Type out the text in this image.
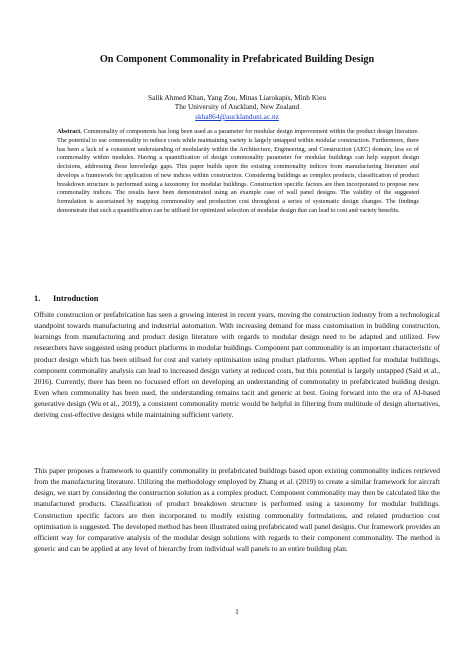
On Component Commonality in Prefabricated Building Design
Salik Ahmed Khan, Yang Zou, Minas Liarokapis, Minh Kieu
The University of Auckland, New Zealand
skha864@aucklanduni.ac.nz
Abstract. Commonality of components has long been used as a parameter for modular design improvement within the product design literature. The potential to use commonality to reduce costs while maintaining variety is largely untapped within modular construction. Furthermore, there has been a lack of a consistent understanding of modularity within the Architecture, Engineering, and Construction (AEC) domain, less so of commonality within modules. Having a quantification of design commonality parameter for modular buildings can help support design decisions, addressing these knowledge gaps. This paper builds upon the existing commonality indices from manufacturing literature and develops a framework for application of new indices within construction. Considering buildings as complex products, classification of product breakdown structure is performed using a taxonomy for modular buildings. Construction specific factors are then incorporated to propose new commonality indices. The results have been demonstrated using an example case of wall panel designs. The validity of the suggested formulation is ascertained by mapping commonality and production cost throughout a series of systematic design changes. The findings demonstrate that such a quantification can be utilised for optimized selection of modular design that can lead to cost and variety benefits.
1. Introduction

Offsite construction or prefabrication has seen a growing interest in recent years, moving the construction industry from a technological standpoint towards manufacturing and industrial automation. With increasing demand for mass customisation in building construction, learnings from manufacturing and product design literature with regards to modular design need to be adapted and utilized. Few researchers have suggested using product platforms in modular buildings. Component part commonality is an important characteristic of product design which has been utilised for cost and variety optimisation using product platforms. When applied for modular buildings, component commonality analysis can lead to increased design variety at reduced costs, but this potential is largely untapped (Said et al., 2016). Currently, there has been no focussed effort on developing an understanding of commonality in prefabricated building design. Even when commonality has been used, the understanding remains tacit and generic at best. Going forward into the era of AI-based generative design (Wu et al., 2019), a consistent commonality metric would be helpful in filtering from multitude of design alternatives, deriving cost-effective designs while maintaining sufficient variety.

This paper proposes a framework to quantify commonality in prefabricated buildings based upon existing commonality indices retrieved from the manufacturing literature. Utilizing the methodology employed by Zhang et al. (2019) to create a similar framework for aircraft design, we start by considering the construction solution as a complex product. Component commonality may then be calculated like the manufactured products. Classification of product breakdown structure is performed using a taxonomy for modular buildings. Construction specific factors are then incorporated to modify existing commonality formulations, and related production cost optimisation is suggested. The developed method has been illustrated using prefabricated wall panel designs. Our framework provides an efficient way for comparative analysis of the modular design solutions with regards to their component commonality. The method is generic and can be applied at any level of hierarchy from individual wall panels to an entire building plan.

1
